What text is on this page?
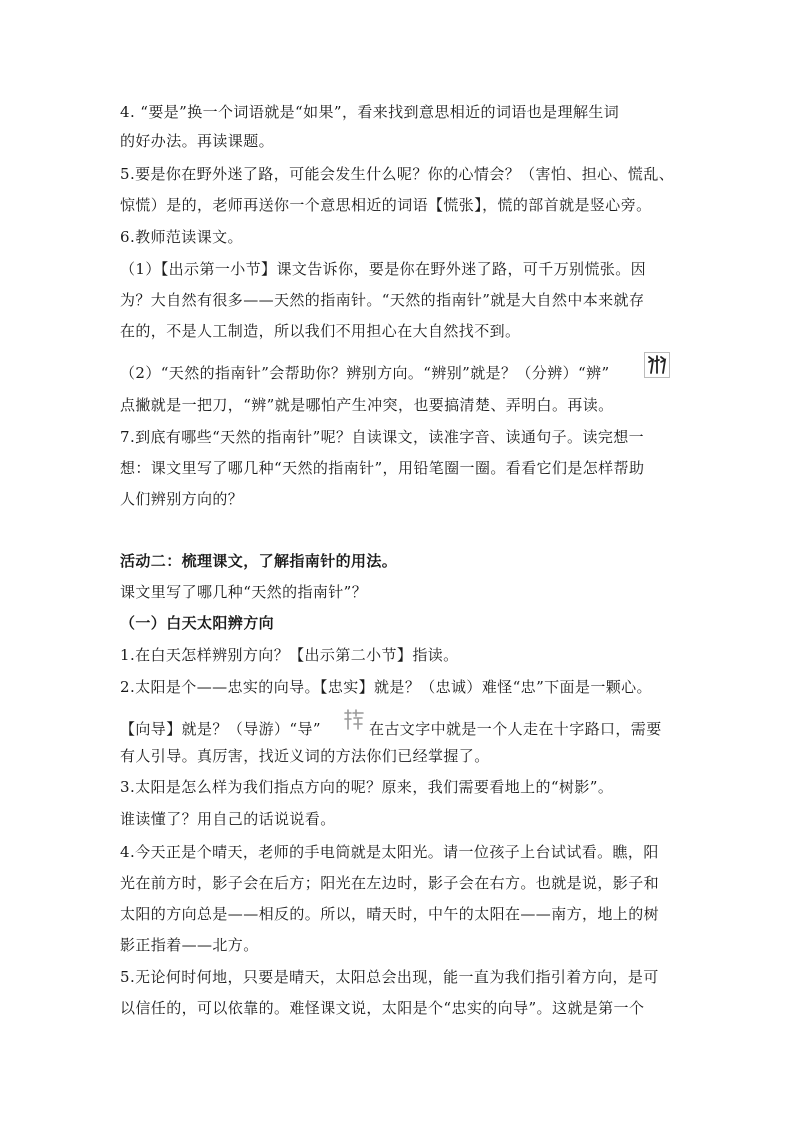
4. “要是”换一个词语就是“如果”，看来找到意思相近的词语也是理解生词
的好办法。再读课题。
5.要是你在野外迷了路，可能会发生什么呢？你的心情会？（害怕、担心、慌乱、
惊慌）是的，老师再送你一个意思相近的词语【慌张】，慌的部首就是竖心旁。
6.教师范读课文。
（1）【出示第一小节】课文告诉你，要是你在野外迷了路，可千万别慌张。因
为？大自然有很多——天然的指南针。“天然的指南针”就是大自然中本来就存
在的，不是人工制造，所以我们不用担心在大自然找不到。
（2）“天然的指南针”会帮助你？辨别方向。“辨别”就是？（分辨）“辨”
点撇就是一把刀，“辨”就是哪怕产生冲突，也要搞清楚、弄明白。再读。
7.到底有哪些“天然的指南针”呢？自读课文，读准字音、读通句子。读完想一
想：课文里写了哪几种“天然的指南针”，用铅笔圈一圈。看看它们是怎样帮助
人们辨别方向的？
活动二：梳理课文，了解指南针的用法。
课文里写了哪几种“天然的指南针”？
（一）白天太阳辨方向
1.在白天怎样辨别方向？【出示第二小节】指读。
2.太阳是个——忠实的向导。【忠实】就是？（忠诚）难怪“忠”下面是一颗心。
【向导】就是？（导游）“导”	在古文字中就是一个人走在十字路口，需要
有人引导。真厉害，找近义词的方法你们已经掌握了。
3.太阳是怎么样为我们指点方向的呢？原来，我们需要看地上的“树影”。
谁读懂了？用自己的话说说看。
4.今天正是个晴天，老师的手电筒就是太阳光。请一位孩子上台试试看。瞧，阳
光在前方时，影子会在后方；阳光在左边时，影子会在右方。也就是说，影子和
太阳的方向总是——相反的。所以，晴天时，中午的太阳在——南方，地上的树
影正指着——北方。
5.无论何时何地，只要是晴天，太阳总会出现，能一直为我们指引着方向，是可
以信任的，可以依靠的。难怪课文说，太阳是个“忠实的向导”。这就是第一个
